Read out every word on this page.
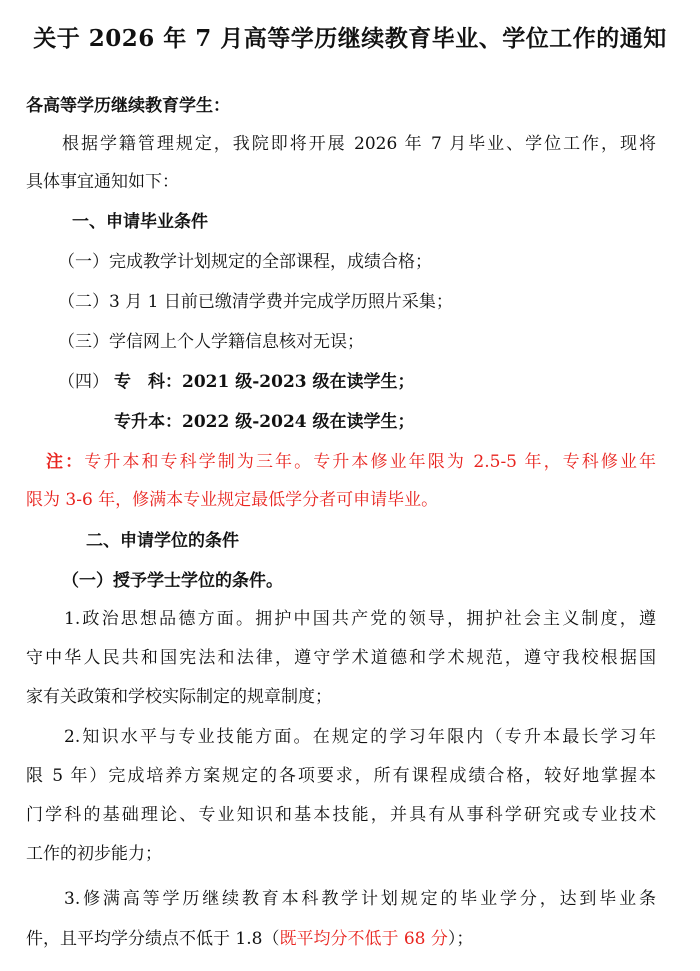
关于 2026 年 7 月高等学历继续教育毕业、学位工作的通知
各高等学历继续教育学生：
根据学籍管理规定，我院即将开展 2026 年 7 月毕业、学位工作，现将
具体事宜通知如下：
一、申请毕业条件
（一）完成教学计划规定的全部课程，成绩合格；
（二）3 月 1 日前已缴清学费并完成学历照片采集；
（三）学信网上个人学籍信息核对无误；
（四） 专　科：2021 级-2023 级在读学生；
专升本：2022 级-2024 级在读学生；
注：专升本和专科学制为三年。专升本修业年限为 2.5-5 年，专科修业年
限为 3-6 年，修满本专业规定最低学分者可申请毕业。
二、申请学位的条件
（一）授予学士学位的条件。
1.政治思想品德方面。拥护中国共产党的领导，拥护社会主义制度，遵
守中华人民共和国宪法和法律，遵守学术道德和学术规范，遵守我校根据国
家有关政策和学校实际制定的规章制度；
2.知识水平与专业技能方面。在规定的学习年限内（专升本最长学习年
限 5 年）完成培养方案规定的各项要求，所有课程成绩合格，较好地掌握本
门学科的基础理论、专业知识和基本技能，并具有从事科学研究或专业技术
工作的初步能力；
3.修满高等学历继续教育本科教学计划规定的毕业学分，达到毕业条
件，且平均学分绩点不低于 1.8（既平均分不低于 68 分）；
